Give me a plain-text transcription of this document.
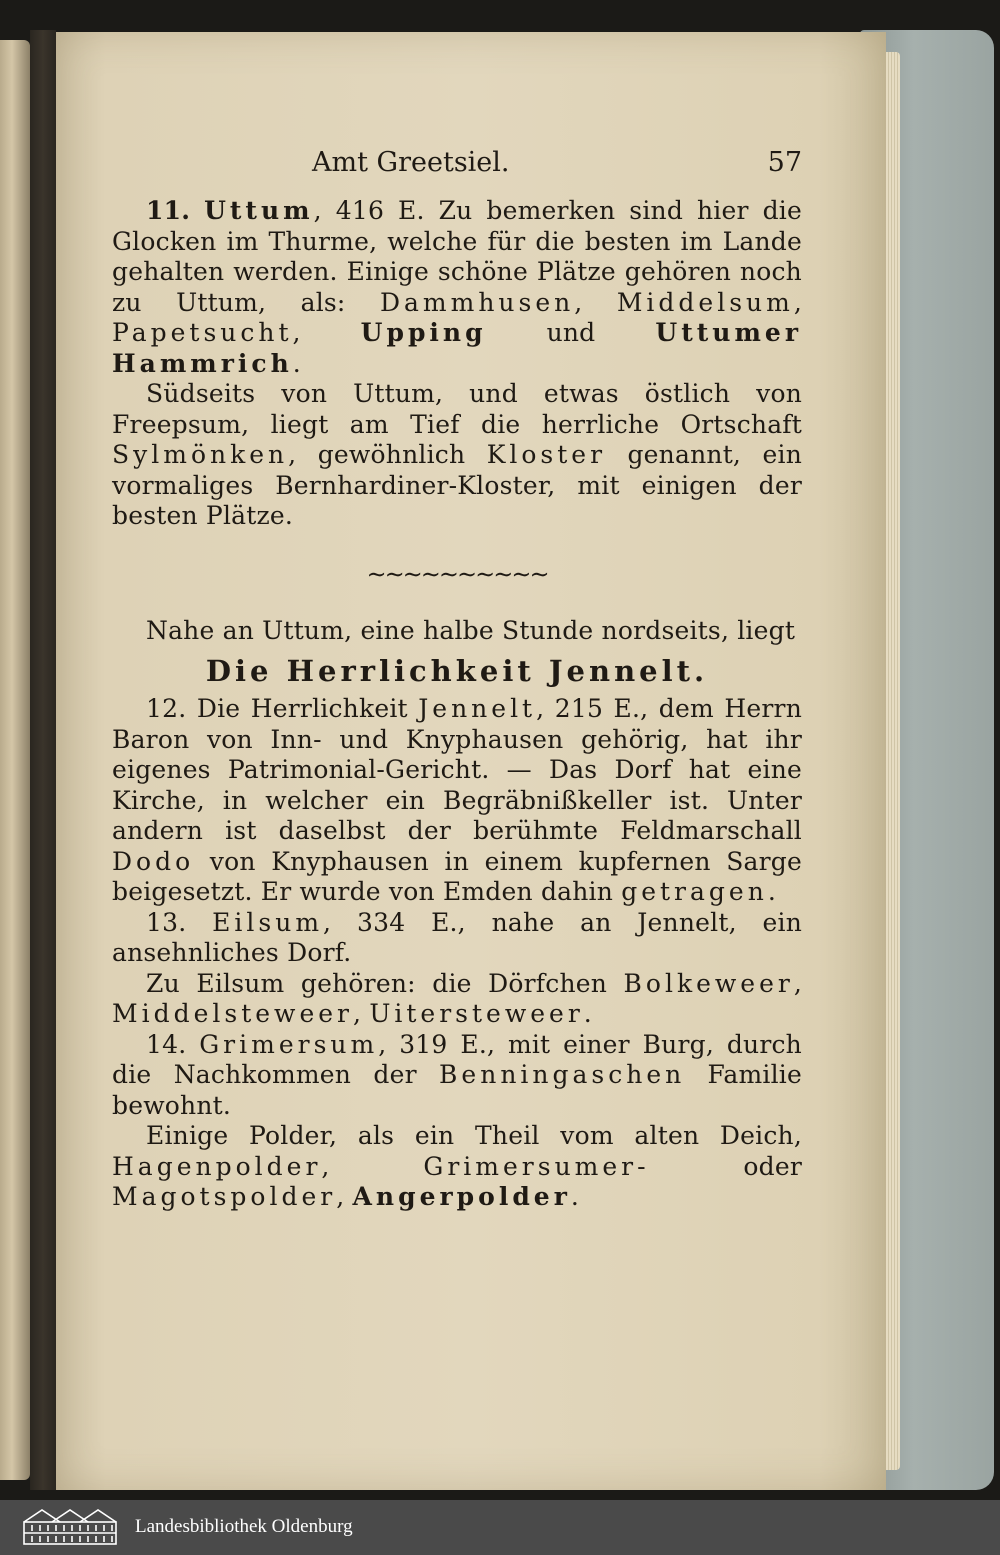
Amt Greetsiel.	57

11. Uttum, 416 E. Zu bemerken sind hier die Glocken im Thurme, welche für die besten im Lande gehalten werden. Einige schöne Plätze gehören noch zu Uttum, als: Dammhusen, Middelsum, Papetsucht, Upping und Uttumer Hammrich.

Südseits von Uttum, und etwas östlich von Freepsum, liegt am Tief die herrliche Ortschaft Sylmönken, gewöhnlich Kloster genannt, ein vormaliges Bernhardiner-Kloster, mit einigen der besten Plätze.

∼∼∼∼∼∼∼∼∼∼

Nahe an Uttum, eine halbe Stunde nordseits, liegt

Die Herrlichkeit Jennelt.

12. Die Herrlichkeit Jennelt, 215 E., dem Herrn Baron von Inn- und Knyphausen gehörig, hat ihr eigenes Patrimonial-Gericht. — Das Dorf hat eine Kirche, in welcher ein Begräbnißkeller ist. Unter andern ist daselbst der berühmte Feldmarschall Dodo von Knyphausen in einem kupfernen Sarge beigesetzt. Er wurde von Emden dahin getragen.

13. Eilsum, 334 E., nahe an Jennelt, ein ansehnliches Dorf.

Zu Eilsum gehören: die Dörfchen Bolkeweer, Middelsteweer, Uitersteweer.

14. Grimersum, 319 E., mit einer Burg, durch die Nachkommen der Benningaschen Familie bewohnt.

Einige Polder, als ein Theil vom alten Deich, Hagenpolder, Grimersumer- oder Magotspolder, Angerpolder.

Landesbibliothek Oldenburg
